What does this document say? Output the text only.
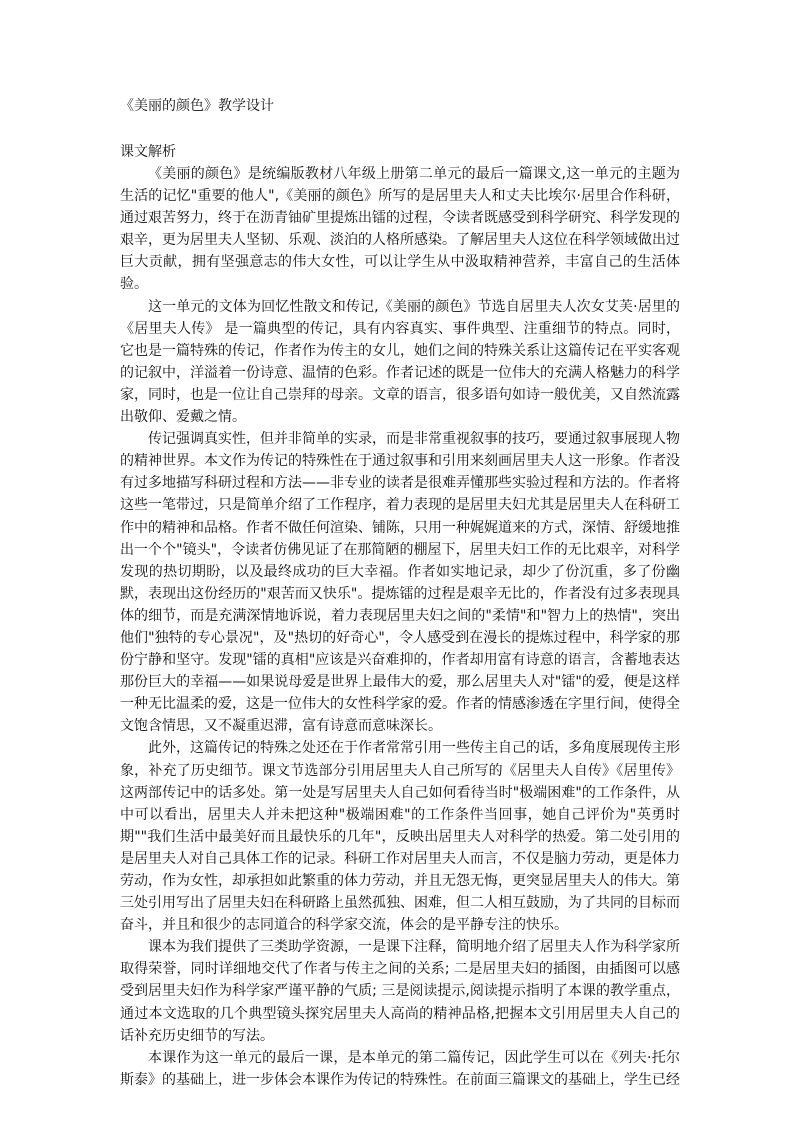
《美丽的颜色》教学设计
课文解析

《美丽的颜色》是统编版教材八年级上册第二单元的最后一篇课文,这一单元的主题为生活的记忆"重要的他人",《美丽的颜色》所写的是居里夫人和丈夫比埃尔·居里合作科研，通过艰苦努力，终于在沥青铀矿里提炼出镭的过程，令读者既感受到科学研究、科学发现的艰辛，更为居里夫人坚韧、乐观、淡泊的人格所感染。了解居里夫人这位在科学领域做出过巨大贡献，拥有坚强意志的伟大女性，可以让学生从中汲取精神营养，丰富自己的生活体验。

这一单元的文体为回忆性散文和传记,《美丽的颜色》节选自居里夫人次女艾芙·居里的《居里夫人传》 是一篇典型的传记，具有内容真实、事件典型、注重细节的特点。同时，它也是一篇特殊的传记，作者作为传主的女儿，她们之间的特殊关系让这篇传记在平实客观的记叙中，洋溢着一份诗意、温情的色彩。作者记述的既是一位伟大的充满人格魅力的科学家，同时，也是一位让自己崇拜的母亲。文章的语言，很多语句如诗一般优美，又自然流露出敬仰、爱戴之情。

传记强调真实性，但并非简单的实录，而是非常重视叙事的技巧，要通过叙事展现人物的精神世界。本文作为传记的特殊性在于通过叙事和引用来刻画居里夫人这一形象。作者没有过多地描写科研过程和方法——非专业的读者是很难弄懂那些实验过程和方法的。作者将这些一笔带过，只是简单介绍了工作程序，着力表现的是居里夫妇尤其是居里夫人在科研工作中的精神和品格。作者不做任何渲染、铺陈，只用一种娓娓道来的方式，深情、舒缓地推出一个个"镜头"，令读者仿佛见证了在那简陋的棚屋下，居里夫妇工作的无比艰辛，对科学发现的热切期盼，以及最终成功的巨大幸福。作者如实地记录，却少了份沉重，多了份幽默，表现出这份经历的"艰苦而又快乐"。提炼镭的过程是艰辛无比的，作者没有过多表现具体的细节，而是充满深情地诉说，着力表现居里夫妇之间的"柔情"和"智力上的热情"，突出他们"独特的专心景况"，及"热切的好奇心"，令人感受到在漫长的提炼过程中，科学家的那份宁静和坚守。发现"镭的真相"应该是兴奋难抑的，作者却用富有诗意的语言，含蓄地表达那份巨大的幸福——如果说母爱是世界上最伟大的爱，那么居里夫人对"镭"的爱，便是这样一种无比温柔的爱，这是一位伟大的女性科学家的爱。作者的情感渗透在字里行间，使得全文饱含情思，又不凝重迟滞，富有诗意而意味深长。

此外，这篇传记的特殊之处还在于作者常常引用一些传主自己的话，多角度展现传主形象，补充了历史细节。课文节选部分引用居里夫人自己所写的《居里夫人自传》《居里传》这两部传记中的话多处。第一处是写居里夫人自己如何看待当时"极端困难"的工作条件，从中可以看出，居里夫人并未把这种"极端困难"的工作条件当回事，她自己评价为"英勇时期""我们生活中最美好而且最快乐的几年"，反映出居里夫人对科学的热爱。第二处引用的是居里夫人对自己具体工作的记录。科研工作对居里夫人而言，不仅是脑力劳动，更是体力劳动，作为女性，却承担如此繁重的体力劳动，并且无怨无悔，更突显居里夫人的伟大。第三处引用写出了居里夫妇在科研路上虽然孤独、困难，但二人相互鼓励，为了共同的目标而奋斗，并且和很少的志同道合的科学家交流，体会的是平静专注的快乐。

课本为我们提供了三类助学资源，一是课下注释，简明地介绍了居里夫人作为科学家所取得荣誉，同时详细地交代了作者与传主之间的关系; 二是居里夫妇的插图，由插图可以感受到居里夫妇作为科学家严谨平静的气质; 三是阅读提示,阅读提示指明了本课的教学重点，通过本文选取的几个典型镜头探究居里夫人高尚的精神品格,把握本文引用居里夫人自己的话补充历史细节的写法。

本课作为这一单元的最后一课，是本单元的第二篇传记，因此学生可以在《列夫·托尔斯泰》的基础上，进一步体会本课作为传记的特殊性。在前面三篇课文的基础上，学生已经
